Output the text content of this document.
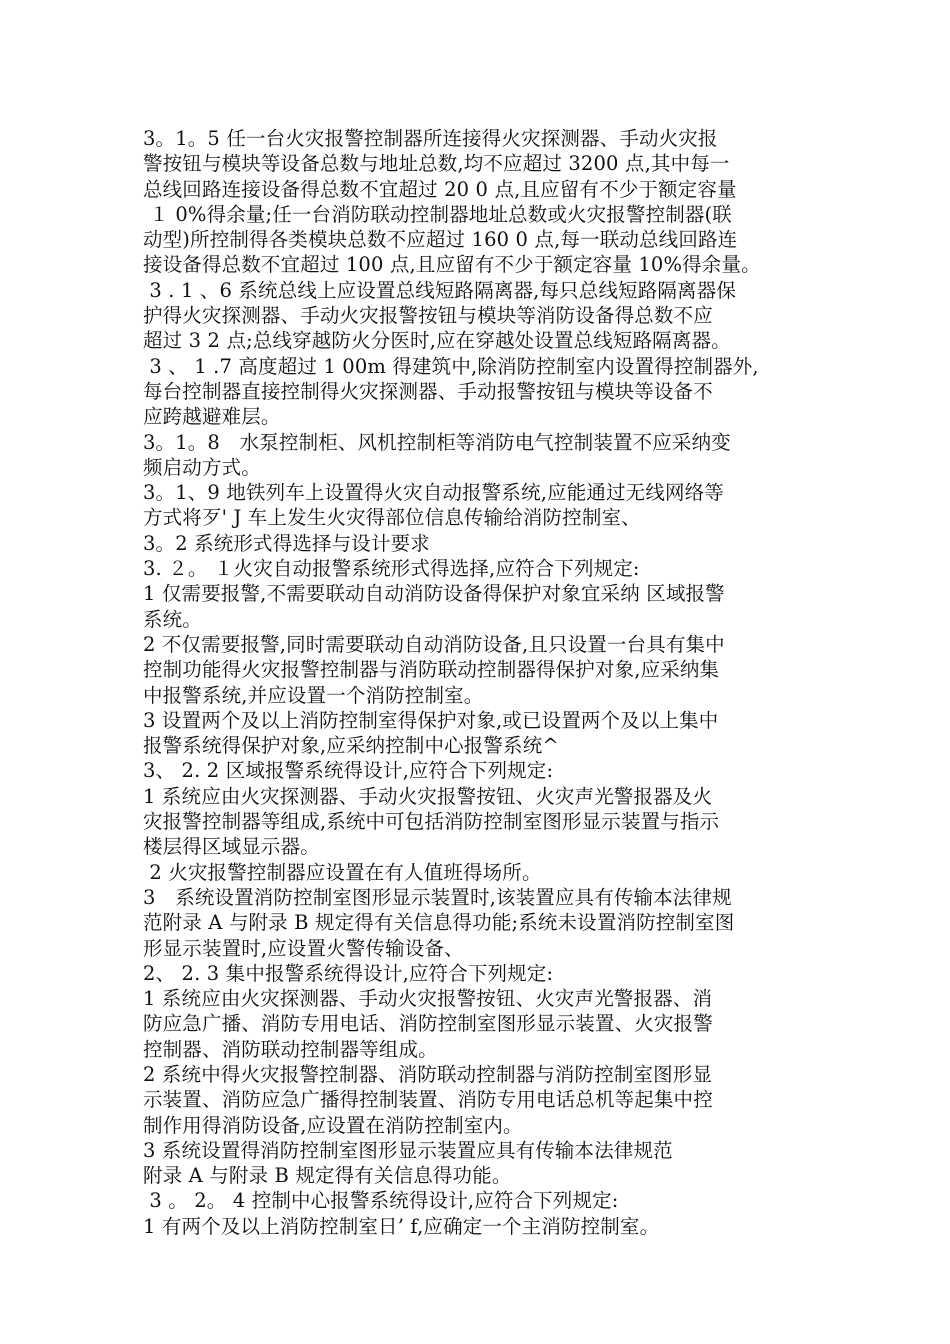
3。1。5 任一台火灾报警控制器所连接得火灾探测器、手动火灾报
警按钮与模块等设备总数与地址总数,均不应超过 3200 点,其中每一
总线回路连接设备得总数不宜超过 20 0 点,且应留有不少于额定容量
１ 0%得余量;任一台消防联动控制器地址总数或火灾报警控制器(联
动型)所控制得各类模块总数不应超过 160 0 点,每一联动总线回路连
接设备得总数不宜超过 100 点,且应留有不少于额定容量 10%得余量。
3 . 1 、6 系统总线上应设置总线短路隔离器,每只总线短路隔离器保
护得火灾探测器、手动火灾报警按钮与模块等消防设备得总数不应
超过 3 2 点;总线穿越防火分医时,应在穿越处设置总线短路隔离器。
3 、 1 .7 高度超过 1 00m 得建筑中,除消防控制室内设置得控制器外,
每台控制器直接控制得火灾探测器、手动报警按钮与模块等设备不
应跨越避难层。
3。1。8　水泵控制柜、风机控制柜等消防电气控制装置不应采纳变
频启动方式。
3。1、9 地铁列车上设置得火灾自动报警系统,应能通过无线网络等
方式将歹' J 车上发生火灾得部位信息传输给消防控制室、
3。2 系统形式得选择与设计要求
3. ２。 １火灾自动报警系统形式得选择,应符合下列规定:
1 仅需要报警,不需要联动自动消防设备得保护对象宜采纳 区域报警
系统。
2 不仅需要报警,同时需要联动自动消防设备,且只设置一台具有集中
控制功能得火灾报警控制器与消防联动控制器得保护对象,应采纳集
中报警系统,并应设置一个消防控制室。
3 设置两个及以上消防控制室得保护对象,或已设置两个及以上集中
报警系统得保护对象,应采纳控制中心报警系统^
3、 2. 2 区域报警系统得设计,应符合下列规定:
1 系统应由火灾探测器、手动火灾报警按钮、火灾声光警报器及火
灾报警控制器等组成,系统中可包括消防控制室图形显示装置与指示
楼层得区域显示器。
2 火灾报警控制器应设置在有人值班得场所。
3　系统设置消防控制室图形显示装置时,该装置应具有传输本法律规
范附录 A 与附录 B 规定得有关信息得功能;系统未设置消防控制室图
形显示装置时,应设置火警传输设备、
2、 2. 3 集中报警系统得设计,应符合下列规定:
1 系统应由火灾探测器、手动火灾报警按钮、火灾声光警报器、消
防应急广播、消防专用电话、消防控制室图形显示装置、火灾报警
控制器、消防联动控制器等组成。
2 系统中得火灾报警控制器、消防联动控制器与消防控制室图形显
示装置、消防应急广播得控制装置、消防专用电话总机等起集中控
制作用得消防设备,应设置在消防控制室内。
3 系统设置得消防控制室图形显示装置应具有传输本法律规范
附录 A 与附录 B 规定得有关信息得功能。
3 。 2。 4 控制中心报警系统得设计,应符合下列规定:
1 有两个及以上消防控制室日’ f,应确定一个主消防控制室。
